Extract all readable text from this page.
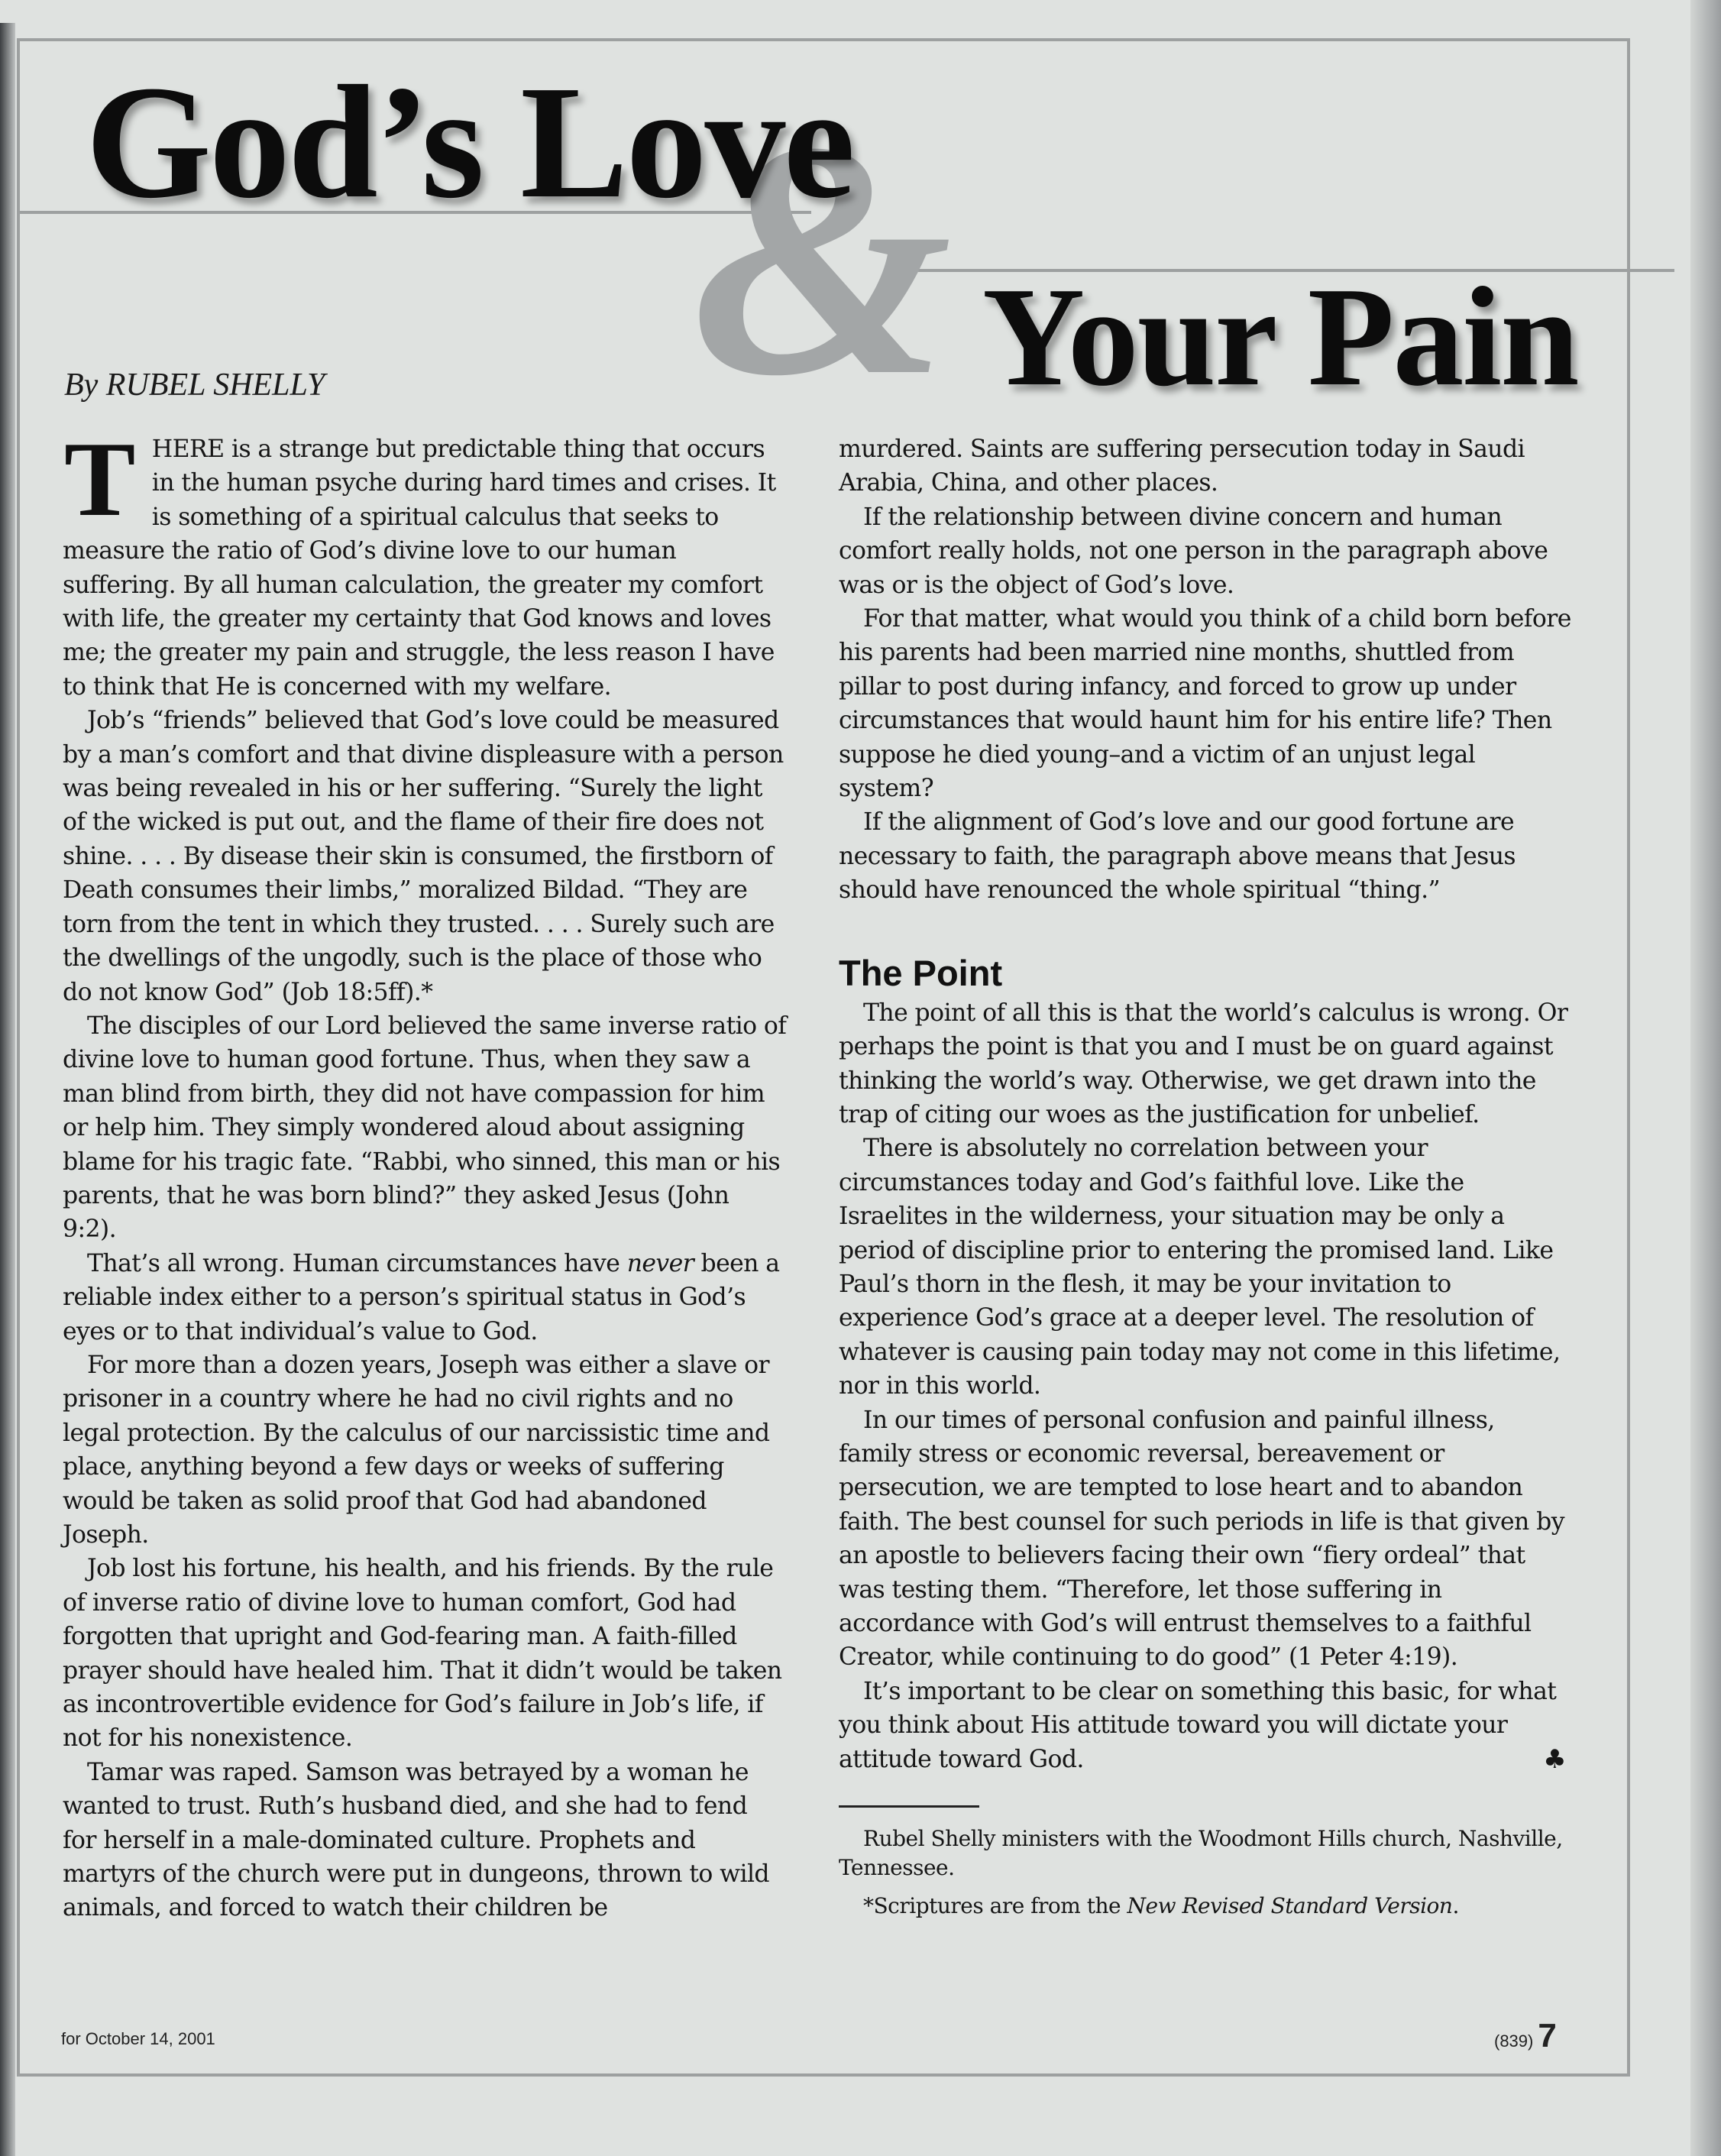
&
God’s Love
Your Pain
By RUBEL SHELLY

THERE is a strange but predictable thing that occurs in the human psyche during hard times and crises. It is something of a spiritual calculus that seeks to measure the ratio of God’s divine love to our human suffering. By all human calculation, the greater my comfort with life, the greater my certainty that God knows and loves me; the greater my pain and struggle, the less reason I have to think that He is concerned with my welfare.

Job’s “friends” believed that God’s love could be measured by a man’s comfort and that divine displeasure with a person was being revealed in his or her suffering. “Surely the light of the wicked is put out, and the flame of their fire does not shine. . . . By disease their skin is consumed, the firstborn of Death consumes their limbs,” moralized Bildad. “They are torn from the tent in which they trusted. . . . Surely such are the dwellings of the ungodly, such is the place of those who do not know God” (Job 18:5ff).*

The disciples of our Lord believed the same inverse ratio of divine love to human good fortune. Thus, when they saw a man blind from birth, they did not have compassion for him or help him. They simply wondered aloud about assigning blame for his tragic fate. “Rabbi, who sinned, this man or his parents, that he was born blind?” they asked Jesus (John 9:2).

That’s all wrong. Human circumstances have never been a reliable index either to a person’s spiritual status in God’s eyes or to that individual’s value to God.

For more than a dozen years, Joseph was either a slave or prisoner in a country where he had no civil rights and no legal protection. By the calculus of our narcissistic time and place, anything beyond a few days or weeks of suffering would be taken as solid proof that God had abandoned Joseph.

Job lost his fortune, his health, and his friends. By the rule of inverse ratio of divine love to human comfort, God had forgotten that upright and God-fearing man. A faith-filled prayer should have healed him. That it didn’t would be taken as incontrovertible evidence for God’s failure in Job’s life, if not for his nonexistence.

Tamar was raped. Samson was betrayed by a woman he wanted to trust. Ruth’s husband died, and she had to fend for herself in a male-dominated culture. Prophets and martyrs of the church were put in dungeons, thrown to wild animals, and forced to watch their children be

murdered. Saints are suffering persecution today in Saudi Arabia, China, and other places.

If the relationship between divine concern and human comfort really holds, not one person in the paragraph above was or is the object of God’s love.

For that matter, what would you think of a child born before his parents had been married nine months, shuttled from pillar to post during infancy, and forced to grow up under circumstances that would haunt him for his entire life? Then suppose he died young–and a victim of an unjust legal system?

If the alignment of God’s love and our good fortune are necessary to faith, the paragraph above means that Jesus should have renounced the whole spiritual “thing.”

The Point

The point of all this is that the world’s calculus is wrong. Or perhaps the point is that you and I must be on guard against thinking the world’s way. Otherwise, we get drawn into the trap of citing our woes as the justification for unbelief.

There is absolutely no correlation between your circumstances today and God’s faithful love. Like the Israelites in the wilderness, your situation may be only a period of discipline prior to entering the promised land. Like Paul’s thorn in the flesh, it may be your invitation to experience God’s grace at a deeper level. The resolution of whatever is causing pain today may not come in this lifetime, nor in this world.

In our times of personal confusion and painful illness, family stress or economic reversal, bereavement or persecution, we are tempted to lose heart and to abandon faith. The best counsel for such periods in life is that given by an apostle to believers facing their own “fiery ordeal” that was testing them. “Therefore, let those suffering in accordance with God’s will entrust themselves to a faithful Creator, while continuing to do good” (1 Peter 4:19).

It’s important to be clear on something this basic, for what you think about His attitude toward you will dictate your attitude toward God.	♣

Rubel Shelly ministers with the Woodmont Hills church, Nashville, Tennessee.

*Scriptures are from the New Revised Standard Version.

for October 14, 2001	(839) 7
